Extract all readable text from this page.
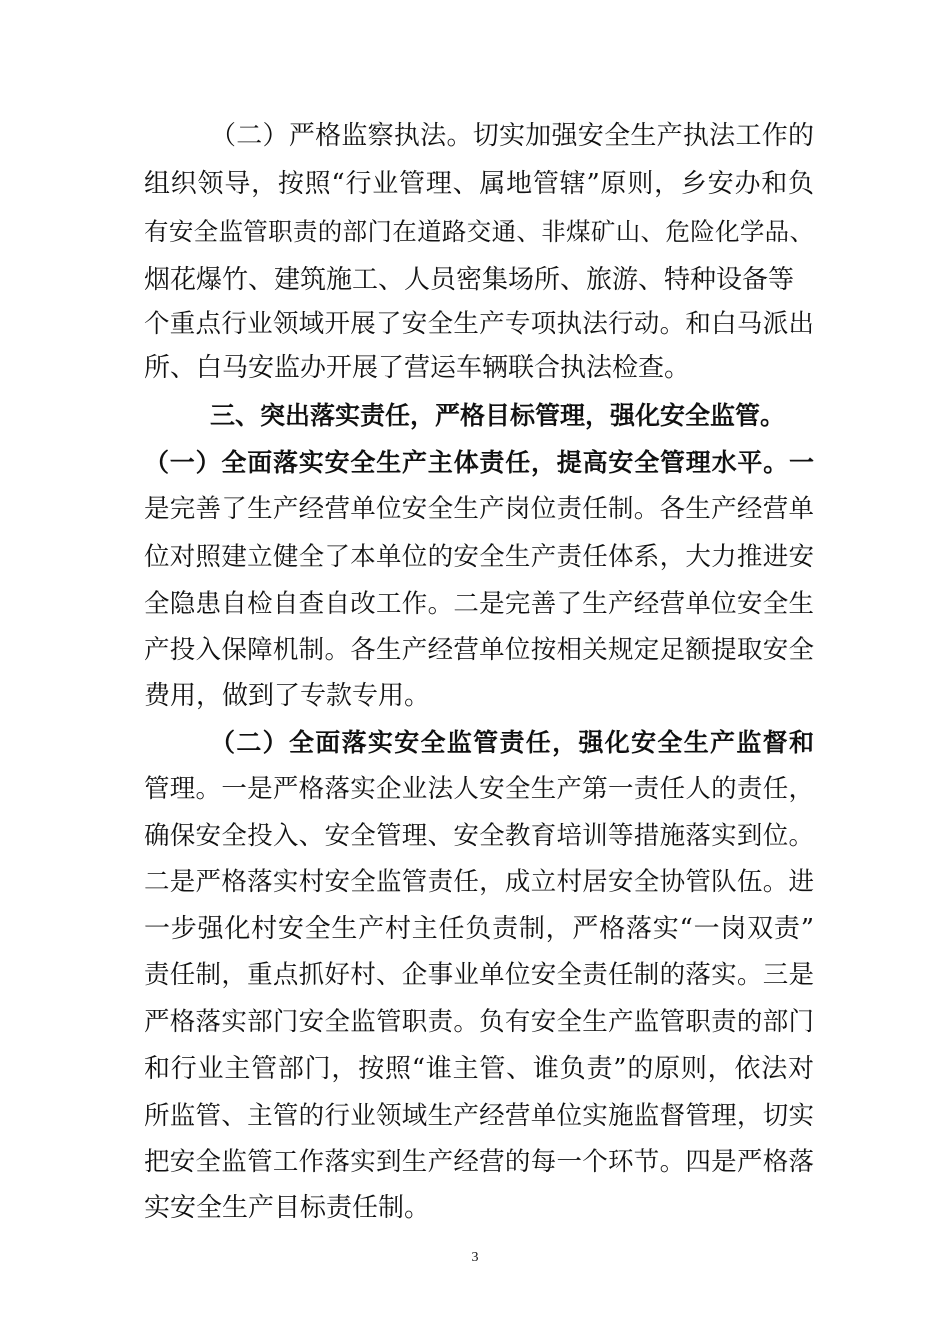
（二）严格监察执法。切实加强安全生产执法工作的
组织领导，按照“行业管理、属地管辖”原则，乡安办和负
有安全监管职责的部门在道路交通、非煤矿山、危险化学品、
烟花爆竹、建筑施工、人员密集场所、旅游、特种设备等
个重点行业领域开展了安全生产专项执法行动。和白马派出
所、白马安监办开展了营运车辆联合执法检查。
三、突出落实责任，严格目标管理，强化安全监管。
（一）全面落实安全生产主体责任，提高安全管理水平。一
是完善了生产经营单位安全生产岗位责任制。各生产经营单
位对照建立健全了本单位的安全生产责任体系，大力推进安
全隐患自检自查自改工作。二是完善了生产经营单位安全生
产投入保障机制。各生产经营单位按相关规定足额提取安全
费用，做到了专款专用。
（二）全面落实安全监管责任，强化安全生产监督和
管理。一是严格落实企业法人安全生产第一责任人的责任，
确保安全投入、安全管理、安全教育培训等措施落实到位。
二是严格落实村安全监管责任，成立村居安全协管队伍。进
一步强化村安全生产村主任负责制，严格落实“一岗双责”
责任制，重点抓好村、企事业单位安全责任制的落实。三是
严格落实部门安全监管职责。负有安全生产监管职责的部门
和行业主管部门，按照“谁主管、谁负责”的原则，依法对
所监管、主管的行业领域生产经营单位实施监督管理，切实
把安全监管工作落实到生产经营的每一个环节。四是严格落
实安全生产目标责任制。
3
